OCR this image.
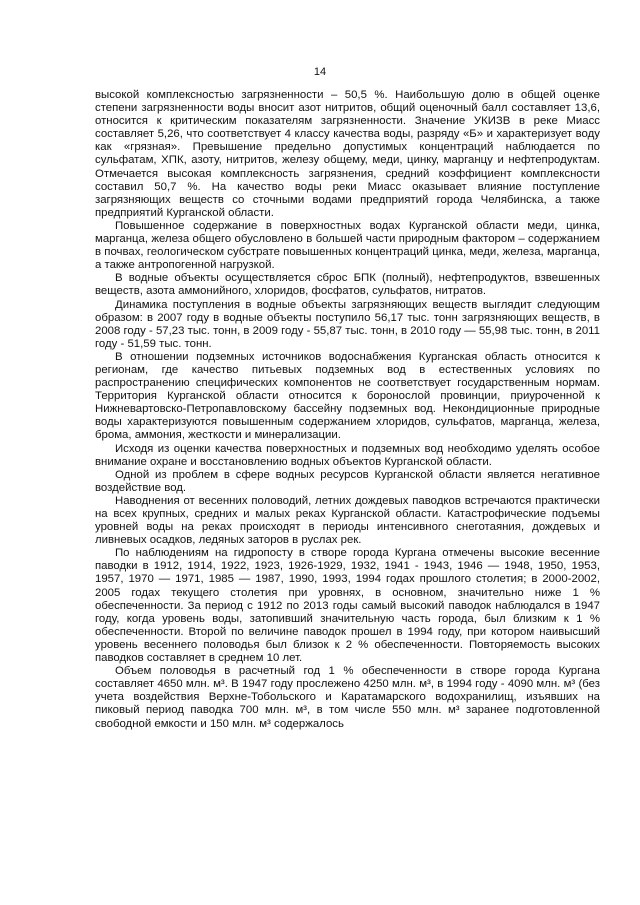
14

высокой комплексностью загрязненности – 50,5 %. Наибольшую долю в общей оценке степени загрязненности воды вносит азот нитритов, общий оценочный балл составляет 13,6, относится к критическим показателям загрязненности. Значение УКИЗВ в реке Миасс составляет 5,26, что соответствует 4 классу качества воды, разряду «Б» и характеризует воду как «грязная». Превышение предельно допустимых концентраций наблюдается по сульфатам, ХПК, азоту, нитритов, железу общему, меди, цинку, марганцу и нефтепродуктам. Отмечается высокая комплексность загрязнения, средний коэффициент комплексности составил 50,7 %. На качество воды реки Миасс оказывает влияние поступление загрязняющих веществ со сточными водами предприятий города Челябинска, а также предприятий Курганской области.

Повышенное содержание в поверхностных водах Курганской области меди, цинка, марганца, железа общего обусловлено в большей части природным фактором – содержанием в почвах, геологическом субстрате повышенных концентраций цинка, меди, железа, марганца, а также антропогенной нагрузкой.

В водные объекты осуществляется сброс БПК (полный), нефтепродуктов, взвешенных веществ, азота аммонийного, хлоридов, фосфатов, сульфатов, нитратов.

Динамика поступления в водные объекты загрязняющих веществ выглядит следующим образом: в 2007 году в водные объекты поступило 56,17 тыс. тонн загрязняющих веществ, в 2008 году - 57,23 тыс. тонн, в 2009 году - 55,87 тыс. тонн, в 2010 году — 55,98 тыс. тонн, в 2011 году - 51,59 тыс. тонн.

В отношении подземных источников водоснабжения Курганская область относится к регионам, где качество питьевых подземных вод в естественных условиях по распространению специфических компонентов не соответствует государственным нормам. Территория Курганской области относится к боронослой провинции, приуроченной к Нижневартовско-Петропавловскому бассейну подземных вод. Некондиционные природные воды характеризуются повышенным содержанием хлоридов, сульфатов, марганца, железа, брома, аммония, жесткости и минерализации.

Исходя из оценки качества поверхностных и подземных вод необходимо уделять особое внимание охране и восстановлению водных объектов Курганской области.

Одной из проблем в сфере водных ресурсов Курганской области является негативное воздействие вод.

Наводнения от весенних половодий, летних дождевых паводков встречаются практически на всех крупных, средних и малых реках Курганской области. Катастрофические подъемы уровней воды на реках происходят в периоды интенсивного снеготаяния, дождевых и ливневых осадков, ледяных заторов в руслах рек.

По наблюдениям на гидропосту в створе города Кургана отмечены высокие весенние паводки в 1912, 1914, 1922, 1923, 1926-1929, 1932, 1941 - 1943, 1946 — 1948, 1950, 1953, 1957, 1970 — 1971, 1985 — 1987, 1990, 1993, 1994 годах прошлого столетия; в 2000-2002, 2005 годах текущего столетия при уровнях, в основном, значительно ниже 1 % обеспеченности. За период с 1912 по 2013 годы самый высокий паводок наблюдался в 1947 году, когда уровень воды, затопивший значительную часть города, был близким к 1 % обеспеченности. Второй по величине паводок прошел в 1994 году, при котором наивысший уровень весеннего половодья был близок к 2 % обеспеченности. Повторяемость высоких паводков составляет в среднем 10 лет.

Объем половодья в расчетный год 1 % обеспеченности в створе города Кургана составляет 4650 млн. м³. В 1947 году прослежено 4250 млн. м³, в 1994 году - 4090 млн. м³ (без учета воздействия Верхне-Тобольского и Каратамарского водохранилищ, изъявших на пиковый период паводка 700 млн. м³, в том числе 550 млн. м³ заранее подготовленной свободной емкости и 150 млн. м³ содержалось
